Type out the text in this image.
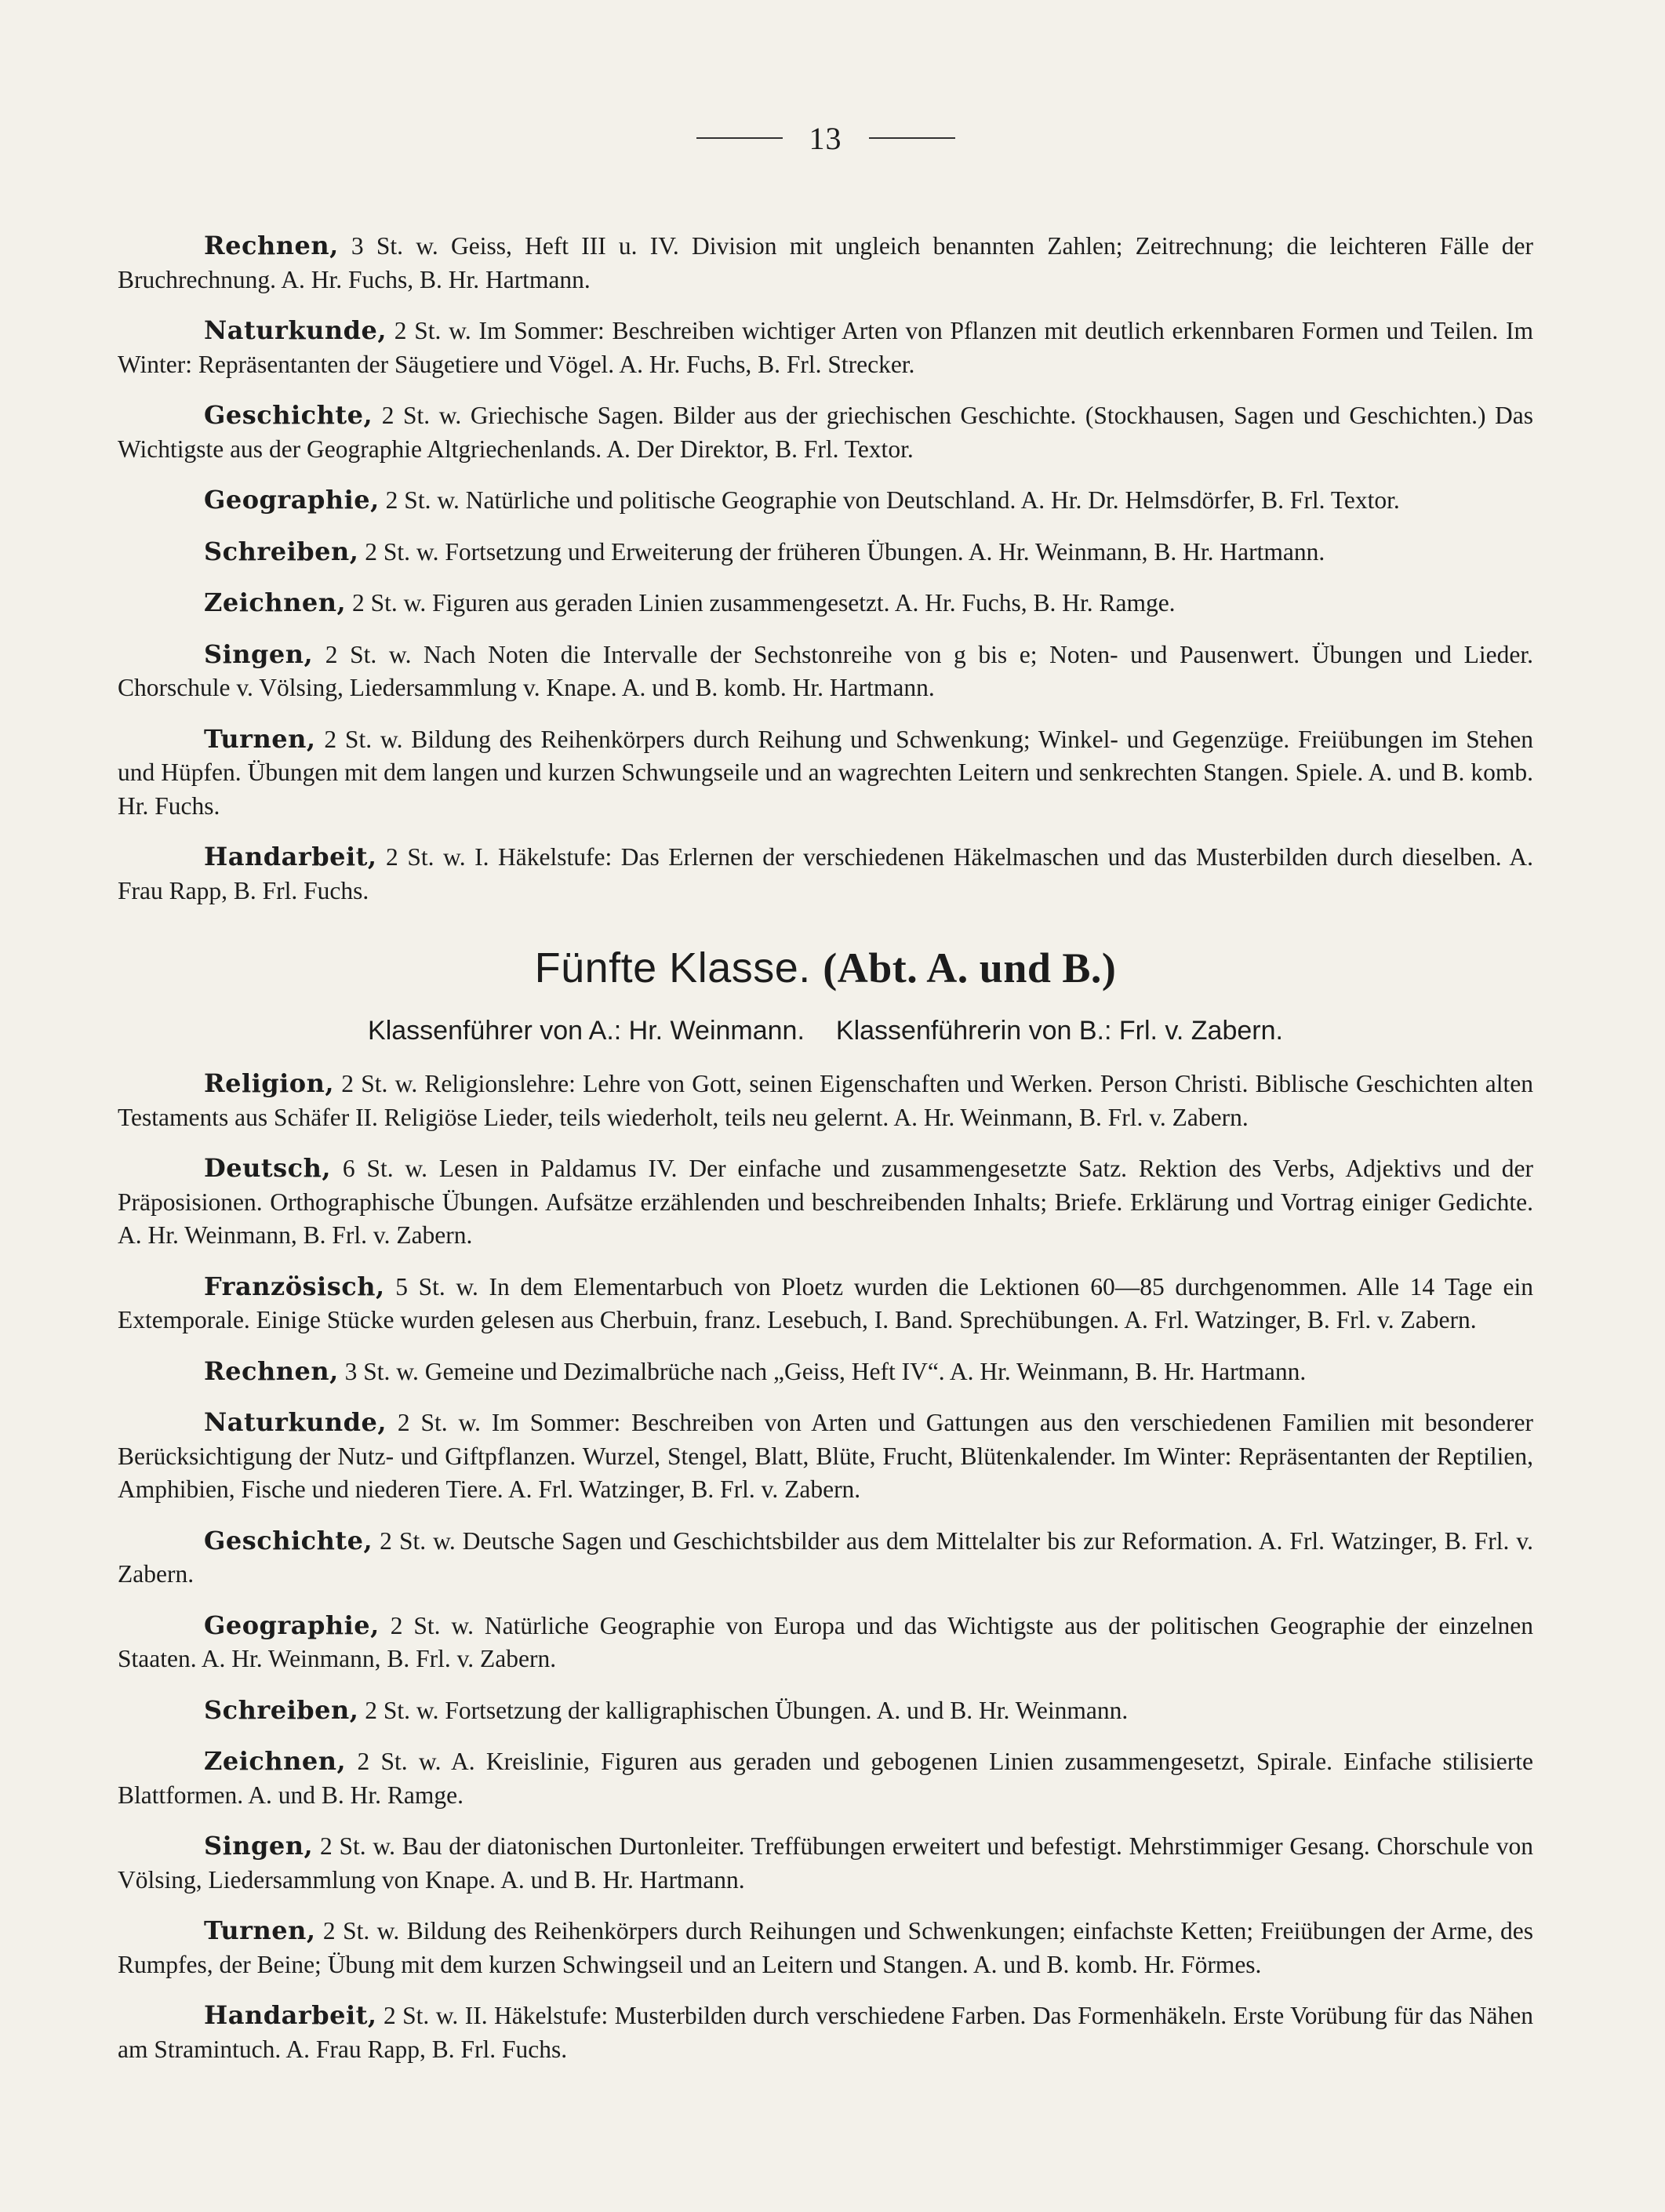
13

Rechnen, 3 St. w. Geiss, Heft III u. IV. Division mit ungleich benannten Zahlen; Zeitrechnung; die leichteren Fälle der Bruchrechnung. A. Hr. Fuchs, B. Hr. Hartmann.

Naturkunde, 2 St. w. Im Sommer: Beschreiben wichtiger Arten von Pflanzen mit deutlich erkennbaren Formen und Teilen. Im Winter: Repräsentanten der Säugetiere und Vögel. A. Hr. Fuchs, B. Frl. Strecker.

Geschichte, 2 St. w. Griechische Sagen. Bilder aus der griechischen Geschichte. (Stockhausen, Sagen und Geschichten.) Das Wichtigste aus der Geographie Altgriechenlands. A. Der Direktor, B. Frl. Textor.

Geographie, 2 St. w. Natürliche und politische Geographie von Deutschland. A. Hr. Dr. Helmsdörfer, B. Frl. Textor.

Schreiben, 2 St. w. Fortsetzung und Erweiterung der früheren Übungen. A. Hr. Weinmann, B. Hr. Hartmann.

Zeichnen, 2 St. w. Figuren aus geraden Linien zusammengesetzt. A. Hr. Fuchs, B. Hr. Ramge.

Singen, 2 St. w. Nach Noten die Intervalle der Sechstonreihe von g bis e; Noten- und Pausenwert. Übungen und Lieder. Chorschule v. Völsing, Liedersammlung v. Knape. A. und B. komb. Hr. Hartmann.

Turnen, 2 St. w. Bildung des Reihenkörpers durch Reihung und Schwenkung; Winkel- und Gegenzüge. Freiübungen im Stehen und Hüpfen. Übungen mit dem langen und kurzen Schwungseile und an wagrechten Leitern und senkrechten Stangen. Spiele. A. und B. komb. Hr. Fuchs.

Handarbeit, 2 St. w. I. Häkelstufe: Das Erlernen der verschiedenen Häkelmaschen und das Musterbilden durch dieselben. A. Frau Rapp, B. Frl. Fuchs.

Fünfte Klasse. (Abt. A. und B.)
Klassenführer von A.: Hr. Weinmann. Klassenführerin von B.: Frl. v. Zabern.

Religion, 2 St. w. Religionslehre: Lehre von Gott, seinen Eigenschaften und Werken. Person Christi. Biblische Geschichten alten Testaments aus Schäfer II. Religiöse Lieder, teils wiederholt, teils neu gelernt. A. Hr. Weinmann, B. Frl. v. Zabern.

Deutsch, 6 St. w. Lesen in Paldamus IV. Der einfache und zusammengesetzte Satz. Rektion des Verbs, Adjektivs und der Präposisionen. Orthographische Übungen. Aufsätze erzählenden und beschreibenden Inhalts; Briefe. Erklärung und Vortrag einiger Gedichte. A. Hr. Weinmann, B. Frl. v. Zabern.

Französisch, 5 St. w. In dem Elementarbuch von Ploetz wurden die Lektionen 60—85 durchgenommen. Alle 14 Tage ein Extemporale. Einige Stücke wurden gelesen aus Cherbuin, franz. Lesebuch, I. Band. Sprechübungen. A. Frl. Watzinger, B. Frl. v. Zabern.

Rechnen, 3 St. w. Gemeine und Dezimalbrüche nach „Geiss, Heft IV“. A. Hr. Weinmann, B. Hr. Hartmann.

Naturkunde, 2 St. w. Im Sommer: Beschreiben von Arten und Gattungen aus den verschiedenen Familien mit besonderer Berücksichtigung der Nutz- und Giftpflanzen. Wurzel, Stengel, Blatt, Blüte, Frucht, Blütenkalender. Im Winter: Repräsentanten der Reptilien, Amphibien, Fische und niederen Tiere. A. Frl. Watzinger, B. Frl. v. Zabern.

Geschichte, 2 St. w. Deutsche Sagen und Geschichtsbilder aus dem Mittelalter bis zur Reformation. A. Frl. Watzinger, B. Frl. v. Zabern.

Geographie, 2 St. w. Natürliche Geographie von Europa und das Wichtigste aus der politischen Geographie der einzelnen Staaten. A. Hr. Weinmann, B. Frl. v. Zabern.

Schreiben, 2 St. w. Fortsetzung der kalligraphischen Übungen. A. und B. Hr. Weinmann.

Zeichnen, 2 St. w. A. Kreislinie, Figuren aus geraden und gebogenen Linien zusammengesetzt, Spirale. Einfache stilisierte Blattformen. A. und B. Hr. Ramge.

Singen, 2 St. w. Bau der diatonischen Durtonleiter. Treffübungen erweitert und befestigt. Mehrstimmiger Gesang. Chorschule von Völsing, Liedersammlung von Knape. A. und B. Hr. Hartmann.

Turnen, 2 St. w. Bildung des Reihenkörpers durch Reihungen und Schwenkungen; einfachste Ketten; Freiübungen der Arme, des Rumpfes, der Beine; Übung mit dem kurzen Schwingseil und an Leitern und Stangen. A. und B. komb. Hr. Förmes.

Handarbeit, 2 St. w. II. Häkelstufe: Musterbilden durch verschiedene Farben. Das Formenhäkeln. Erste Vorübung für das Nähen am Stramintuch. A. Frau Rapp, B. Frl. Fuchs.
